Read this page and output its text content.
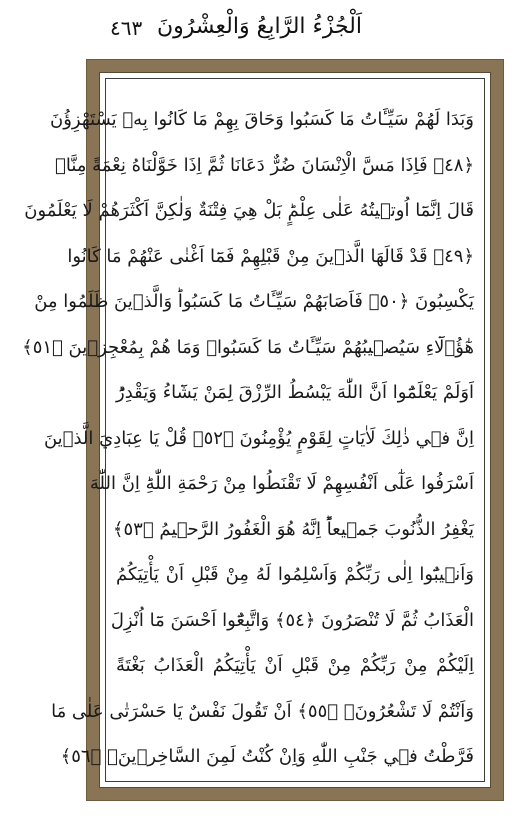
اَلْجُزْءُ الرَّابِعُ وَالْعِشْرُونَ
٤٦٣
وَبَدَا لَهُمْ سَيِّـَٔاتُ مَا كَسَبُوا وَحَاقَ بِهِمْ مَا كَانُوا بِهٖ يَسْتَهْزِؤُنَ
﴿٤٨﴾ فَاِذَا مَسَّ الْاِنْسَانَ ضُرٌّ دَعَانَا ثُمَّ اِذَا خَوَّلْنَاهُ نِعْمَةً مِنَّاۘ
قَالَ اِنَّمَٓا اُوتٖيتُهُ عَلٰى عِلْمٍؕ بَلْ هِيَ فِتْنَةٌ وَلٰكِنَّ اَكْثَرَهُمْ لَا يَعْلَمُونَ
﴿٤٩﴾ قَدْ قَالَهَا الَّذٖينَ مِنْ قَبْلِهِمْ فَمَٓا اَغْنٰى عَنْهُمْ مَا كَانُوا
يَكْسِبُونَ ﴿٥٠﴾ فَاَصَابَهُمْ سَيِّـَٔاتُ مَا كَسَبُواؕ وَالَّذٖينَ ظَلَمُوا مِنْ
هٰٓؤُ۬لَٓاءِ سَيُصٖيبُهُمْ سَيِّـَٔاتُ مَا كَسَبُواۙ وَمَا هُمْ بِمُعْجِزٖينَ ﴿٥١﴾
اَوَلَمْ يَعْلَمُٓوا اَنَّ اللّٰهَ يَبْسُطُ الرِّزْقَ لِمَنْ يَشَٓاءُ وَيَقْدِرُؕ
اِنَّ فٖي ذٰلِكَ لَاٰيَاتٍ لِقَوْمٍ يُؤْمِنُونَ ﴿٥٢﴾ قُلْ يَا عِبَادِيَ الَّذٖينَ
اَسْرَفُوا عَلٰٓى اَنْفُسِهِمْ لَا تَقْنَطُوا مِنْ رَحْمَةِ اللّٰهِؕ اِنَّ اللّٰهَ
يَغْفِرُ الذُّنُوبَ جَمٖيعاًؕ اِنَّهُ هُوَ الْغَفُورُ الرَّحٖيمُ ﴿٥٣﴾
وَاَنٖيبُٓوا اِلٰى رَبِّكُمْ وَاَسْلِمُوا لَهُ مِنْ قَبْلِ اَنْ يَأْتِيَكُمُ
الْعَذَابُ ثُمَّ لَا تُنْصَرُونَ ﴿٥٤﴾ وَاتَّبِعُٓوا اَحْسَنَ مَٓا اُنْزِلَ
اِلَيْكُمْ مِنْ رَبِّكُمْ مِنْ قَبْلِ اَنْ يَأْتِيَكُمُ الْعَذَابُ بَغْتَةً
وَاَنْتُمْ لَا تَشْعُرُونَۙ ﴿٥٥﴾ اَنْ تَقُولَ نَفْسٌ يَا حَسْرَتٰى عَلٰى مَا
فَرَّطْتُ فٖي جَنْبِ اللّٰهِ وَاِنْ كُنْتُ لَمِنَ السَّاخِرٖينَۙ ﴿٥٦﴾
